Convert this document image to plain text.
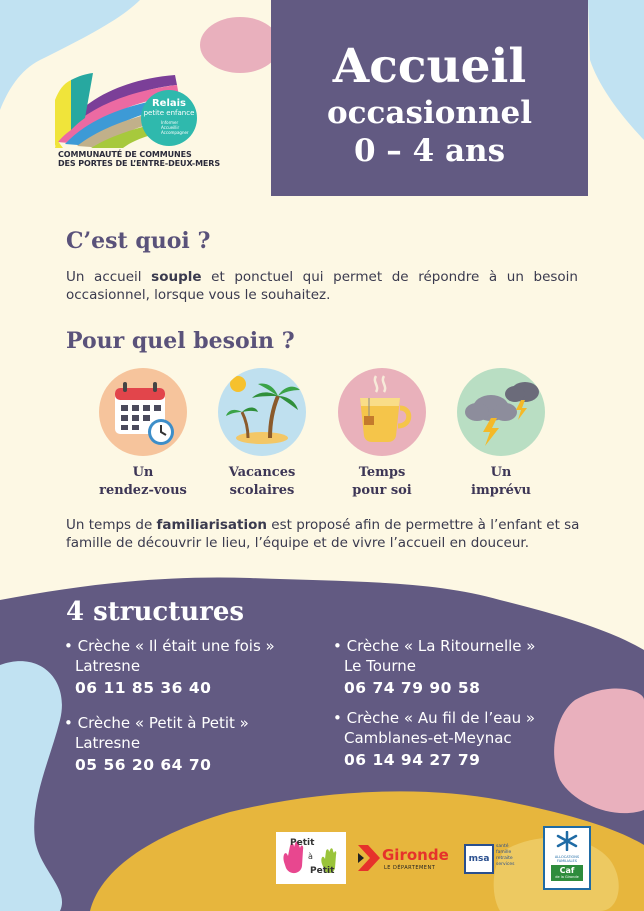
Relais
petite enfance
Informer Accueillir Accompagner
COMMUNAUTÉ DE COMMUNES
DES PORTES DE L’ENTRE-DEUX-MERS
Accueil
occasionnel
0 – 4 ans
C’est quoi ?

Un accueil souple et ponctuel qui permet de répondre à un besoin occasionnel, lorsque vous le souhaitez.

Pour quel besoin ?
Un
rendez-vous
Vacances
scolaires
Temps
pour soi
Un
imprévu

Un temps de familiarisation est proposé afin de permettre à l’enfant et sa famille de découvrir le lieu, l’équipe et de vivre l’accueil en douceur.

4 structures
• Crèche « Il était une fois »
Latresne
06 11 85 36 40
• Crèche « Petit à Petit »
Latresne
05 56 20 64 70
• Crèche « La Ritournelle »
Le Tourne
06 74 79 90 58
• Crèche « Au fil de l’eau »
Camblanes-et-Meynac
06 14 94 27 79
Petit
à
Petit
Gironde
LE DÉPARTEMENT
msa
santé famille retraite services
ALLOCATIONS FAMILIALES
Caf
de la Gironde
